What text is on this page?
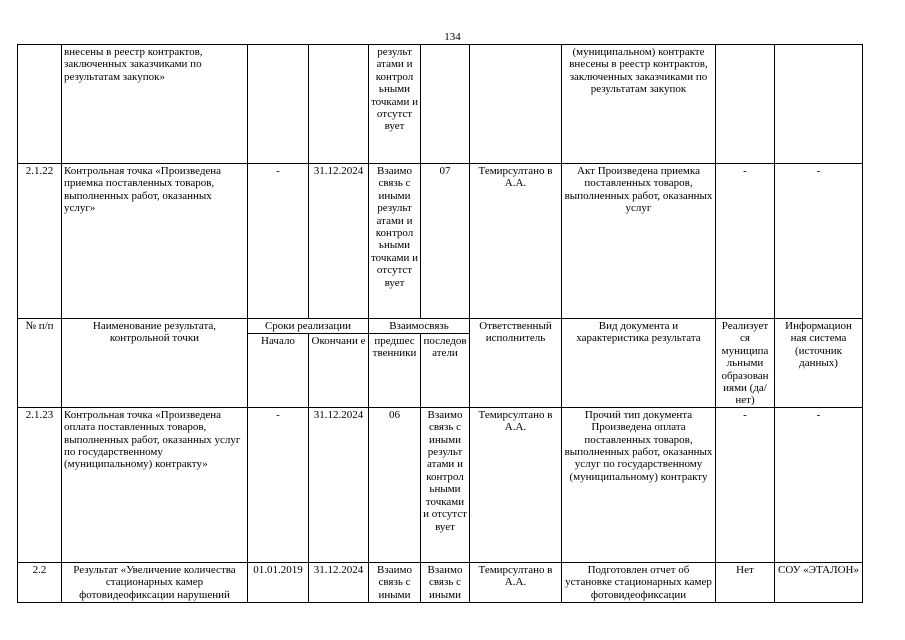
134
	внесены в реестр контрактов, заключенных заказчиками по результатам закупок»			результ атами и контрол ьными точками и отсутст вует			(муниципальном) контракте внесены в реестр контрактов, заключенных заказчиками по результатам закупок		
2.1.22	Контрольная точка «Произведена приемка поставленных товаров, выполненных работ, оказанных услуг»	-	31.12.2024	Взаимо связь с иными результ атами и контрол ьными точками и отсутст вует	07	Темирсултано в А.А.	Акт Произведена приемка поставленных товаров, выполненных работ, оказанных услуг	-	-
№ п/п	Наименование результата, контрольной точки	Сроки реализации		Взаимосвязь		Ответственный исполнитель	Вид документа и характеристика результата	Реализует ся муниципа льными образован иями (да/нет)	Информацион ная система (источник данных)
		Начало	Окончани е	предшес твенники	последов атели				
2.1.23	Контрольная точка «Произведена оплата поставленных товаров, выполненных работ, оказанных услуг по государственному (муниципальному) контракту»	-	31.12.2024	06	Взаимо связь с иными результ атами и контрол ьными точками и отсутст вует	Темирсултано в А.А.	Прочий тип документа Произведена оплата поставленных товаров, выполненных работ, оказанных услуг по государственному (муниципальному) контракту	-	-
2.2	Результат «Увеличение количества стационарных камер фотовидеофиксации нарушений	01.01.2019	31.12.2024	Взаимо связь с иными	Взаимо связь с иными	Темирсултано в А.А.	Подготовлен отчет об установке стационарных камер фотовидеофиксации	Нет	СОУ «ЭТАЛОН»
